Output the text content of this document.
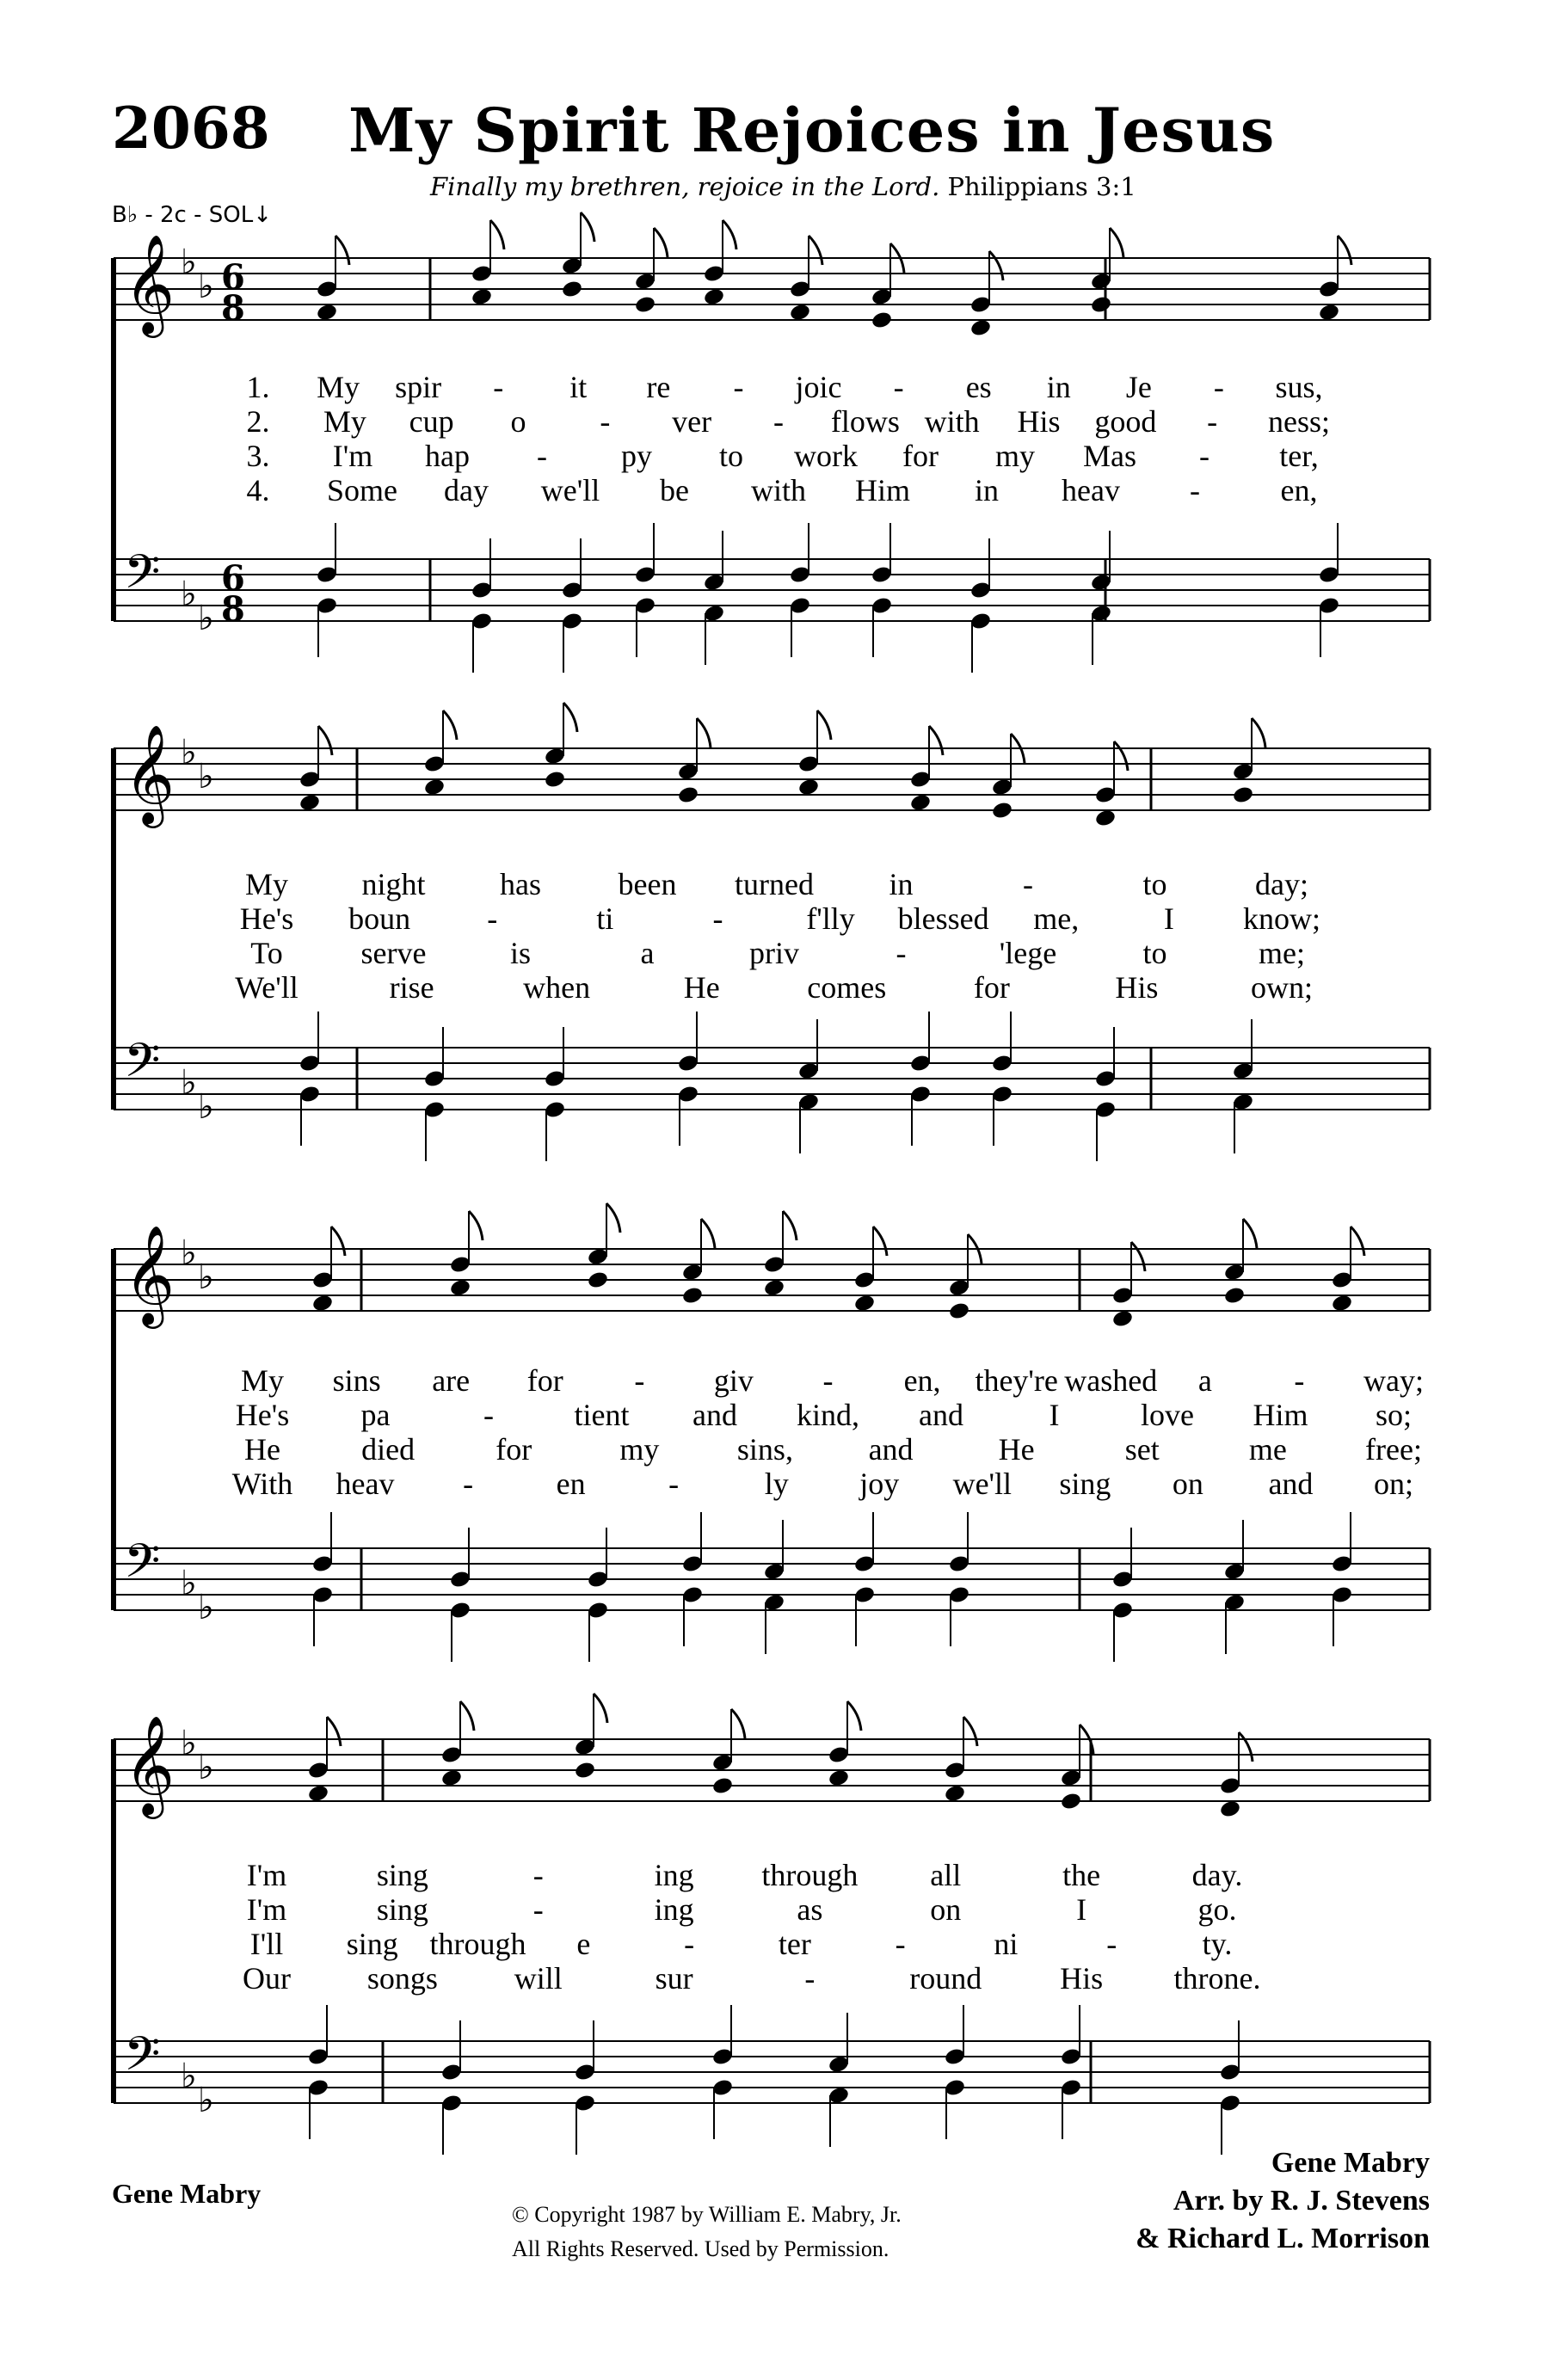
2068 My Spirit Rejoices in Jesus
Finally my brethren, rejoice in the Lord. Philippians 3:1
B♭ - 2c - SOL↓
𝄞 ♭
♭ 6
8
𝄢 ♭
♭
6
8
1. My spir - it re - joic - es in Je - sus,
2. My cup o - ver - flows with His good - ness;
3. I'm hap - py to work for my Mas - ter,
4. Some day we'll be with Him in heav -	en,
𝄞 ♭
♭
𝄢 ♭
♭
My night has been turned in	-	to	day;
He's boun -	ti	-	f'lly blessed me,	I know;
To	serve	is	a	priv	-	'lege	to	me;
We'll	rise	when	He	comes	for	His	own;
𝄞 ♭
♭
𝄢 ♭
♭
My sins are for - giv - en, they're washed a	- way;
He's pa	-	tient and kind, and	I	love Him so;
He	died	for	my	sins, and	He	set	me	free;
With heav -	en	-	ly joy we'll sing on and on;
𝄞 ♭
♭
𝄢 ♭
♭
I'm	sing	-	ing through all	the	day.
I'm	sing	-	ing	as	on	I	go.
I'll sing through e	-	ter	-	ni	-	ty.
Our songs will	sur	-	round	His throne.
Gene Mabry
© Copyright 1987 by William E. Mabry, Jr.
All Rights Reserved. Used by Permission.
Gene Mabry
Arr. by R. J. Stevens
& Richard L. Morrison
